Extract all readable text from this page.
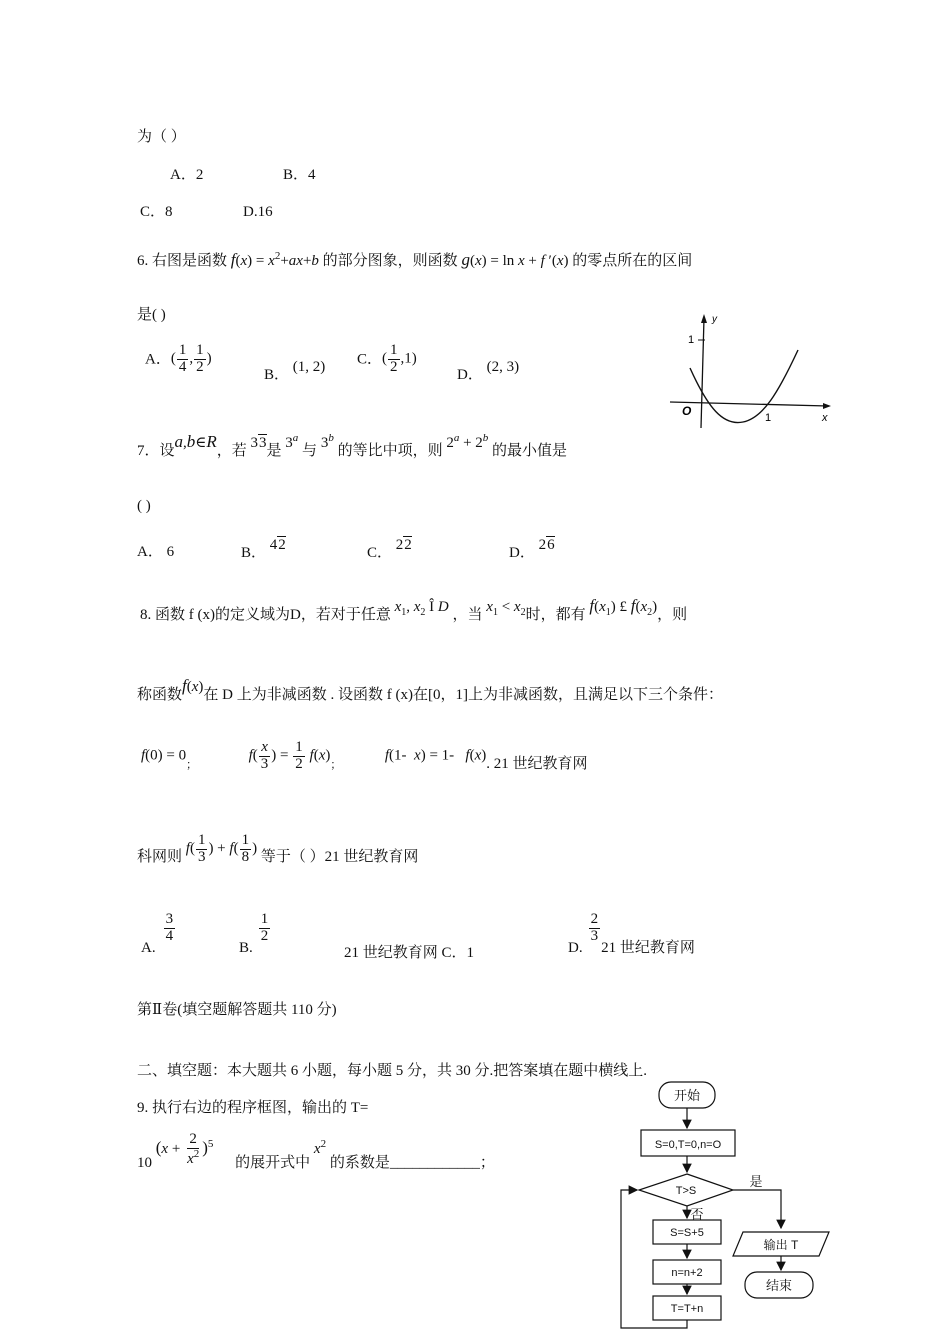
为（ ）
A．2	B．4
C．8	D.16
6. 右图是函数 $f(x) = x^2+ax+b$ 的部分图象，则函数 g(x) = ln x + f ′(x) 的零点所在的区间
是( )
A．( $\frac{1}{4}$ , $\frac{1}{2}$ )
B． (1, 2) C．( $\frac{1}{2} ,1$)
D． (2, 3)
y
1
O	1	x
7．设a,b∈R，若 33是 3$^a$ 与 3$^b$ 的等比中项，则 $2^a + 2^b$ 的最小值是
( )
A． 6	B． 42	C． 22	D． 26
8. 函数 f (x)的定义域为D，若对于任意 $x_1$, $x_2$ Î D ，当 $x_1 < x_2$时，都有 $f(x_1)$ £ $f(x_2)$，则
称函数f(x)在 D 上为非减函数 . 设函数 f (x)在[0，1]上为非减函数，且满足以下三个条件：
$f(0) = 0_;$  $f( \frac{x}{3}$ ) = $\frac{1}{2} f(x)_;$  f(1-  x) = 1-   f(x). 21 世纪教育网
科网则 $f( \frac{1}{3}$ ) + $f( \frac{1}{8}$ ) 等于（ ）21 世纪教育网
A.
$\frac{3}{4}$
B.
$\frac{1}{2}$
21 世纪教育网 C．1	D.
$\frac{2}{3}$
21 世纪教育网
第Ⅱ卷(填空题解答题共 110 分)
二、填空题：本大题共 6 小题，每小题 5 分，共 30 分.把答案填在题中横线上.
9. 执行右边的程序框图，输出的 T=
10 $(x + \frac{2}{x^2} )^5$ 的展开式中 $x^2$ 的系数是____________；
开始
S=0,T=0,n=O
T>S
S=S+5
n=n+2
T=T+n
输出 T
结束
是
否
